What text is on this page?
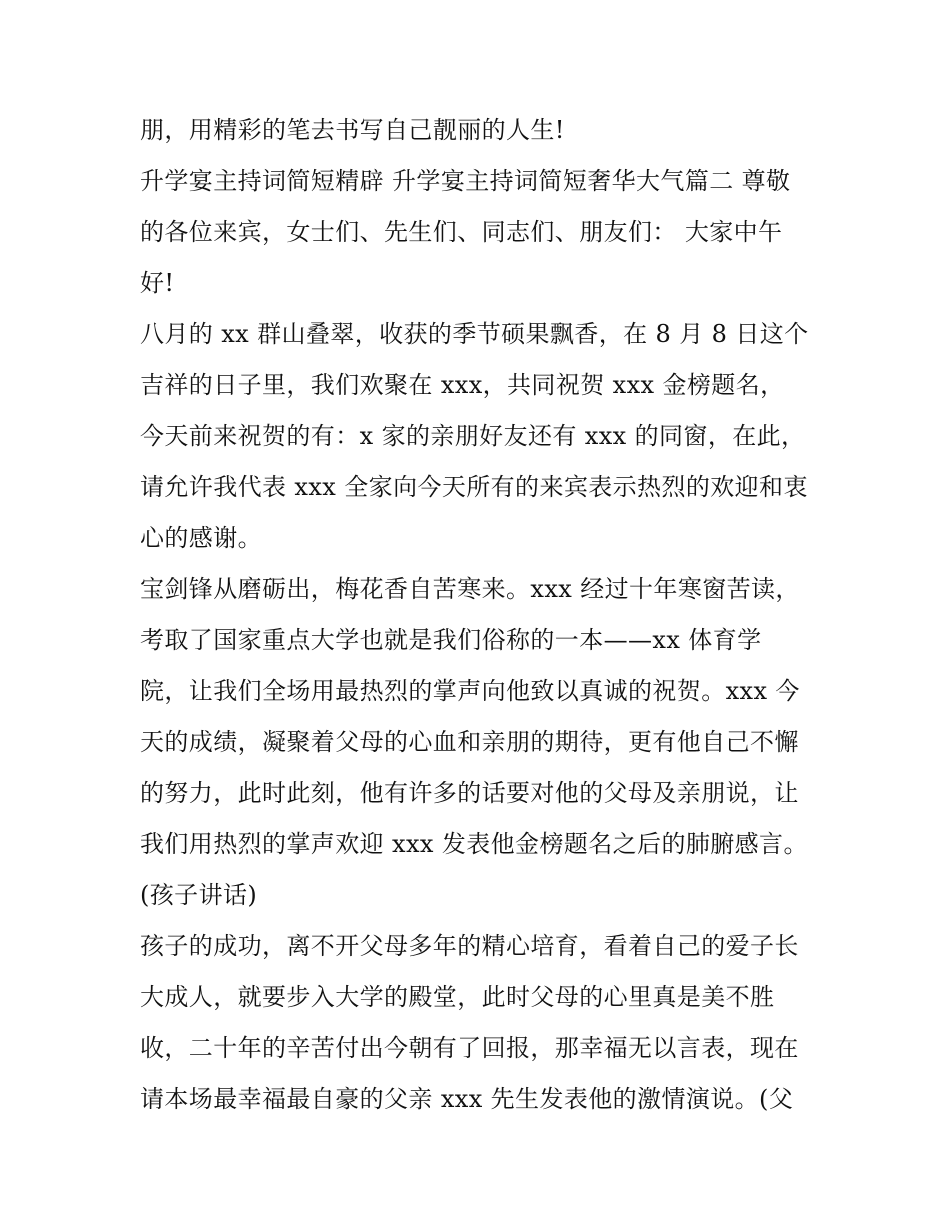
朋，用精彩的笔去书写自己靓丽的人生!
升学宴主持词简短精辟 升学宴主持词简短奢华大气篇二 尊敬
的各位来宾，女士们、先生们、同志们、朋友们： 大家中午
好!
八月的 xx 群山叠翠，收获的季节硕果飘香，在 8 月 8 日这个
吉祥的日子里，我们欢聚在 xxx，共同祝贺 xxx 金榜题名，
今天前来祝贺的有：x 家的亲朋好友还有 xxx 的同窗，在此，
请允许我代表 xxx 全家向今天所有的来宾表示热烈的欢迎和衷
心的感谢。
宝剑锋从磨砺出，梅花香自苦寒来。xxx 经过十年寒窗苦读，
考取了国家重点大学也就是我们俗称的一本——xx 体育学
院，让我们全场用最热烈的掌声向他致以真诚的祝贺。xxx 今
天的成绩，凝聚着父母的心血和亲朋的期待，更有他自己不懈
的努力，此时此刻，他有许多的话要对他的父母及亲朋说，让
我们用热烈的掌声欢迎 xxx 发表他金榜题名之后的肺腑感言。
(孩子讲话)
孩子的成功，离不开父母多年的精心培育，看着自己的爱子长
大成人，就要步入大学的殿堂，此时父母的心里真是美不胜
收，二十年的辛苦付出今朝有了回报，那幸福无以言表，现在
请本场最幸福最自豪的父亲 xxx 先生发表他的激情演说。(父
